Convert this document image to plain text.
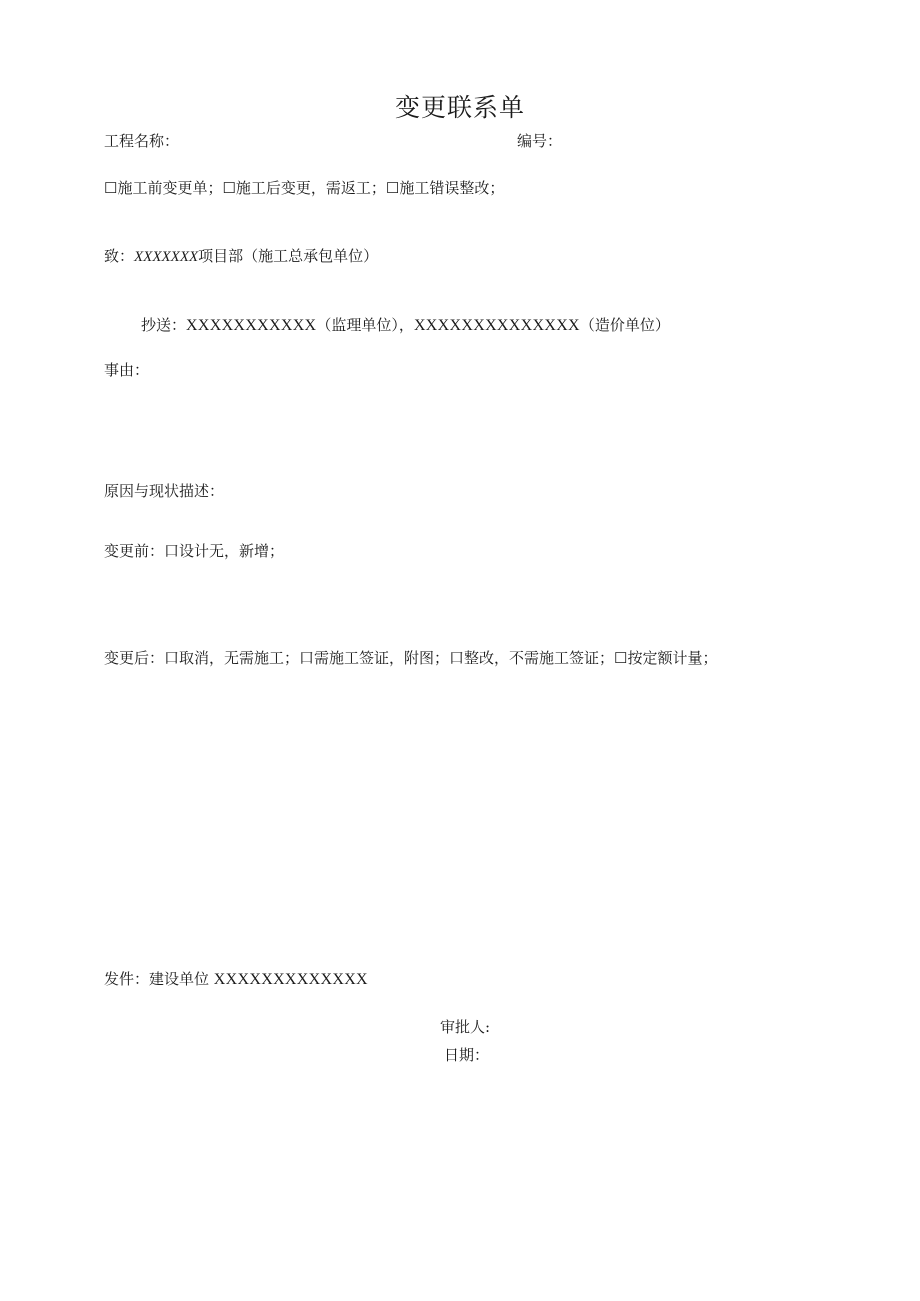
变更联系单
工程名称：	编号：
☐施工前变更单；☐施工后变更，需返工；☐施工错误整改；
致：XXXXXXX项目部（施工总承包单位）
抄送：XXXXXXXXXXX（监理单位），XXXXXXXXXXXXXX（造价单位）
事由：
原因与现状描述：
变更前：口设计无，新增；
变更后：口取消，无需施工；口需施工签证，附图；口整改，不需施工签证；☐按定额计量；
发件：建设单位 XXXXXXXXXXXXX
审批人:
日期：
